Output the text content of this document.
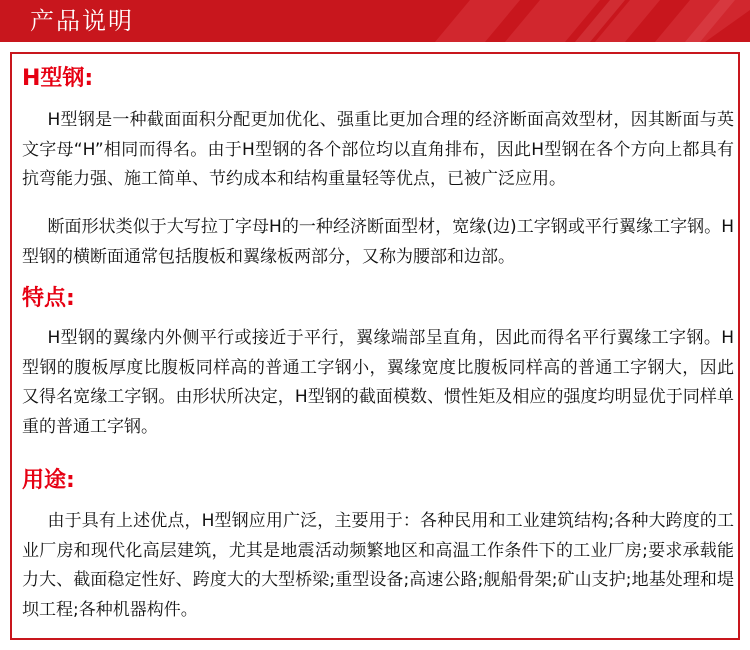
产品说明
H型钢:

H型钢是一种截面面积分配更加优化、强重比更加合理的经济断面高效型材，因其断面与英文字母“H”相同而得名。由于H型钢的各个部位均以直角排布，因此H型钢在各个方向上都具有抗弯能力强、施工简单、节约成本和结构重量轻等优点，已被广泛应用。

断面形状类似于大写拉丁字母H的一种经济断面型材，宽缘(边)工字钢或平行翼缘工字钢。H型钢的横断面通常包括腹板和翼缘板两部分，又称为腰部和边部。

特点:

H型钢的翼缘内外侧平行或接近于平行，翼缘端部呈直角，因此而得名平行翼缘工字钢。H型钢的腹板厚度比腹板同样高的普通工字钢小，翼缘宽度比腹板同样高的普通工字钢大，因此又得名宽缘工字钢。由形状所决定，H型钢的截面模数、惯性矩及相应的强度均明显优于同样单重的普通工字钢。

用途:

由于具有上述优点，H型钢应用广泛，主要用于：各种民用和工业建筑结构;各种大跨度的工业厂房和现代化高层建筑，尤其是地震活动频繁地区和高温工作条件下的工业厂房;要求承载能力大、截面稳定性好、跨度大的大型桥梁;重型设备;高速公路;舰船骨架;矿山支护;地基处理和堤坝工程;各种机器构件。
